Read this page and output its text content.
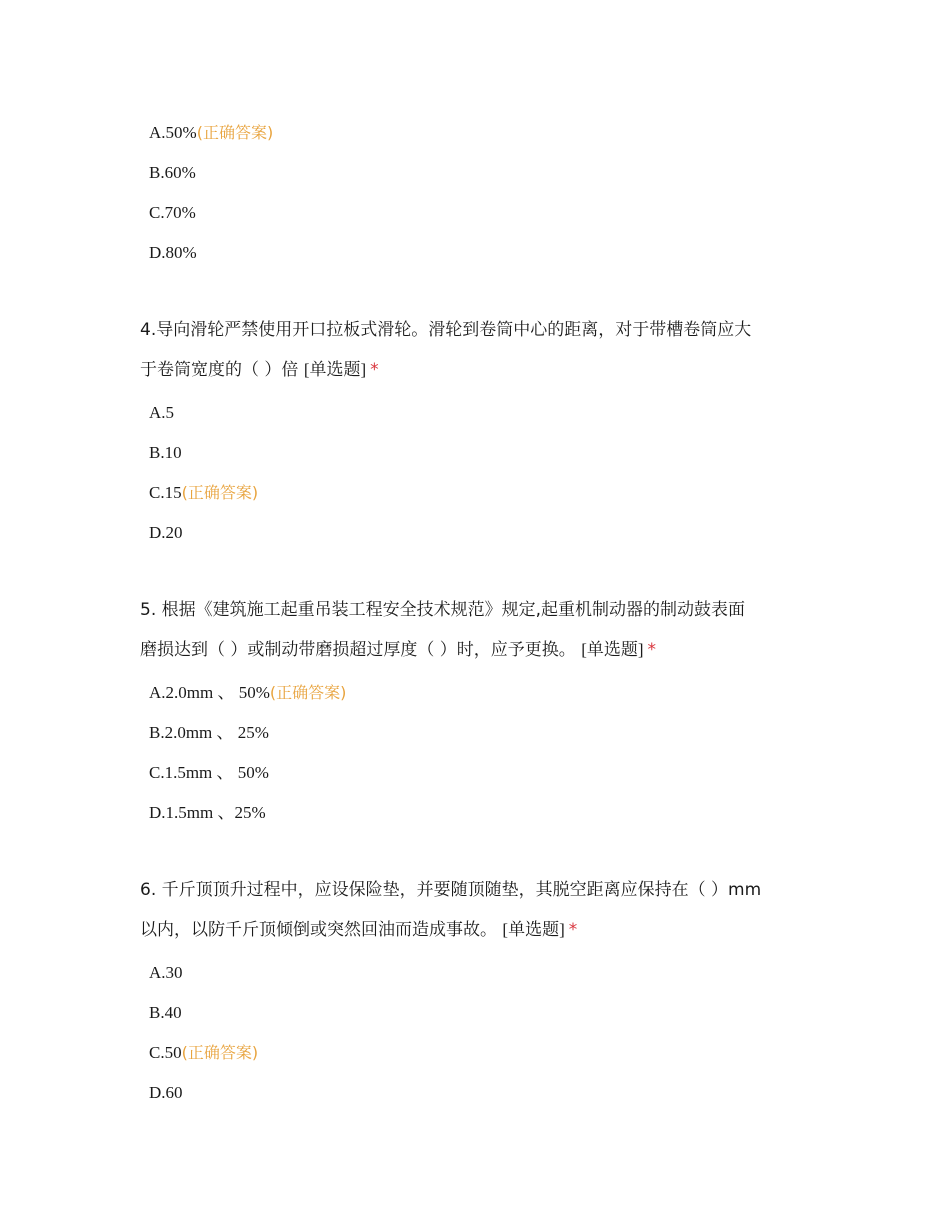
A.50%(正确答案)
B.60%
C.70%
D.80%
4.导向滑轮严禁使用开口拉板式滑轮。滑轮到卷筒中心的距离，对于带槽卷筒应大
于卷筒宽度的（ ）倍 [单选题] *
A.5
B.10
C.15(正确答案)
D.20
5. 根据《建筑施工起重吊装工程安全技术规范》规定,起重机制动器的制动鼓表面
磨损达到（ ）或制动带磨损超过厚度（ ）时，应予更换。 [单选题] *
A.2.0mm 、 50%(正确答案)
B.2.0mm 、 25%
C.1.5mm 、 50%
D.1.5mm 、25%
6. 千斤顶顶升过程中，应设保险垫，并要随顶随垫，其脱空距离应保持在（ ）mm
以内，以防千斤顶倾倒或突然回油而造成事故。 [单选题] *
A.30
B.40
C.50(正确答案)
D.60
